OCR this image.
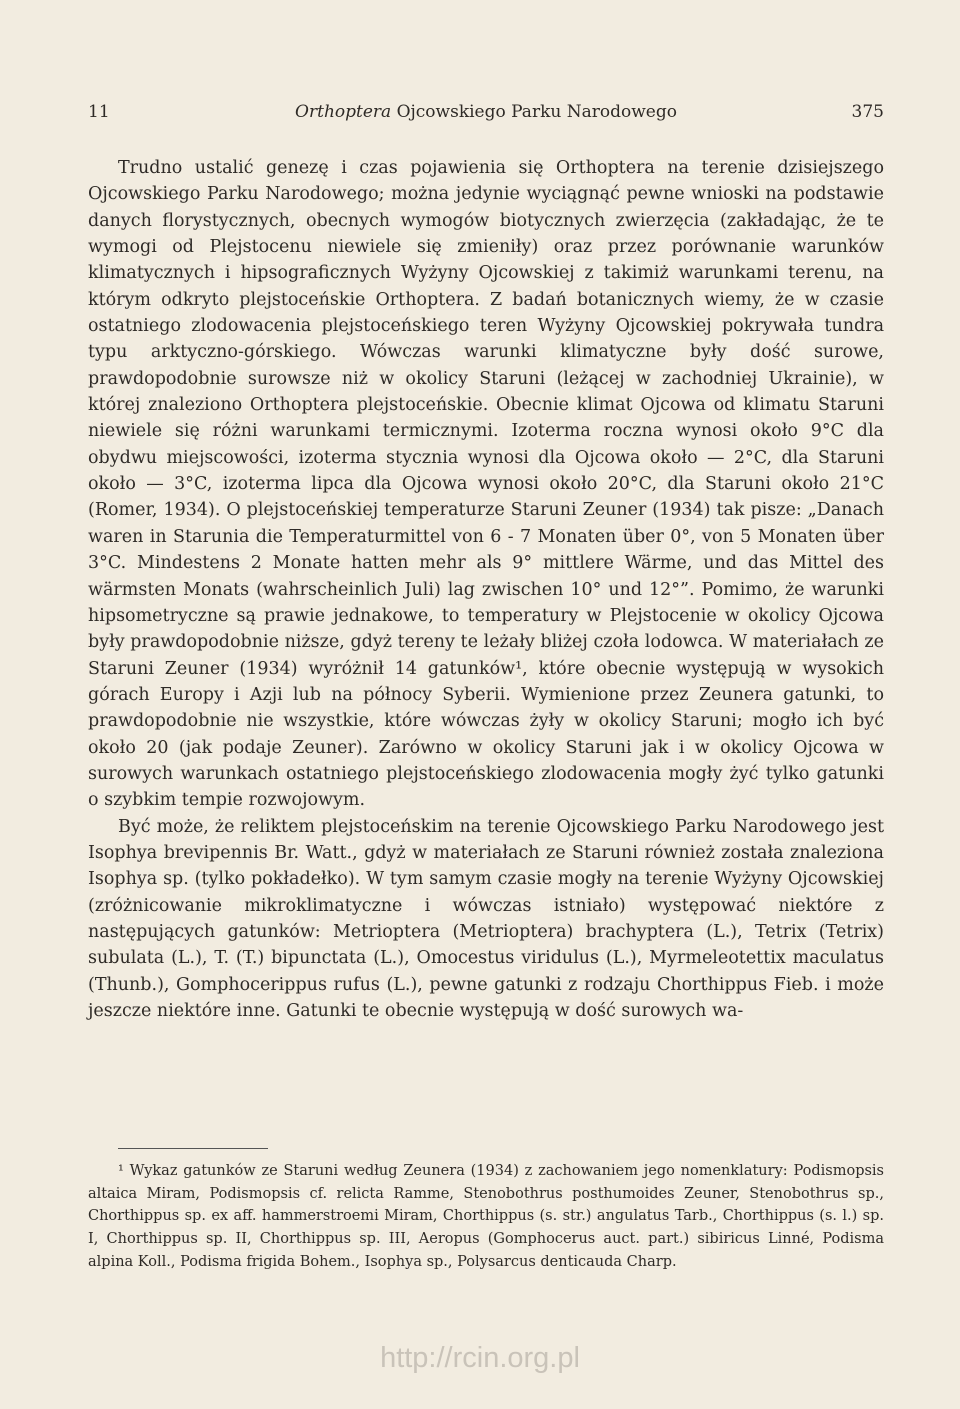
11	Orthoptera Ojcowskiego Parku Narodowego	375

Trudno ustalić genezę i czas pojawienia się Orthoptera na terenie dzisiejszego Ojcowskiego Parku Narodowego; można jedynie wyciągnąć pewne wnioski na podstawie danych florystycznych, obecnych wymogów biotycznych zwierzęcia (zakładając, że te wymogi od Plejstocenu niewiele się zmieniły) oraz przez porównanie warunków klimatycznych i hipsograficznych Wyżyny Ojcowskiej z takimiż warunkami terenu, na którym odkryto plejstoceńskie Orthoptera. Z badań botanicznych wiemy, że w czasie ostatniego zlodowacenia plejstoceńskiego teren Wyżyny Ojcowskiej pokrywała tundra typu arktyczno-górskiego. Wówczas warunki klimatyczne były dość surowe, prawdopodobnie surowsze niż w okolicy Staruni (leżącej w zachodniej Ukrainie), w której znaleziono Orthoptera plejstoceńskie. Obecnie klimat Ojcowa od klimatu Staruni niewiele się różni warunkami termicznymi. Izoterma roczna wynosi około 9°C dla obydwu miejscowości, izoterma stycznia wynosi dla Ojcowa około — 2°C, dla Staruni około — 3°C, izoterma lipca dla Ojcowa wynosi około 20°C, dla Staruni około 21°C (Romer, 1934). O plejstoceńskiej temperaturze Staruni Zeuner (1934) tak pisze: „Danach waren in Starunia die Temperaturmittel von 6 - 7 Monaten über 0°, von 5 Monaten über 3°C. Mindestens 2 Monate hatten mehr als 9° mittlere Wärme, und das Mittel des wärmsten Monats (wahrscheinlich Juli) lag zwischen 10° und 12°”. Pomimo, że warunki hipsometryczne są prawie jednakowe, to temperatury w Plejstocenie w okolicy Ojcowa były prawdopodobnie niższe, gdyż tereny te leżały bliżej czoła lodowca. W materiałach ze Staruni Zeuner (1934) wyróżnił 14 gatunków¹, które obecnie występują w wysokich górach Europy i Azji lub na północy Syberii. Wymienione przez Zeunera gatunki, to prawdopodobnie nie wszystkie, które wówczas żyły w okolicy Staruni; mogło ich być około 20 (jak podaje Zeuner). Zarówno w okolicy Staruni jak i w okolicy Ojcowa w surowych warunkach ostatniego plejstoceńskiego zlodowacenia mogły żyć tylko gatunki o szybkim tempie rozwojowym.

Być może, że reliktem plejstoceńskim na terenie Ojcowskiego Parku Narodowego jest Isophya brevipennis Br. Watt., gdyż w materiałach ze Staruni również została znaleziona Isophya sp. (tylko pokładełko). W tym samym czasie mogły na terenie Wyżyny Ojcowskiej (zróżnicowanie mikroklimatyczne i wówczas istniało) występować niektóre z następujących gatunków: Metrioptera (Metrioptera) brachyptera (L.), Tetrix (Tetrix) subulata (L.), T. (T.) bipunctata (L.), Omocestus viridulus (L.), Myrmeleotettix maculatus (Thunb.), Gomphocerippus rufus (L.), pewne gatunki z rodzaju Chorthippus Fieb. i może jeszcze niektóre inne. Gatunki te obecnie występują w dość surowych wa-

¹ Wykaz gatunków ze Staruni według Zeunera (1934) z zachowaniem jego nomenklatury: Podismopsis altaica Miram, Podismopsis cf. relicta Ramme, Stenobothrus posthumoides Zeuner, Stenobothrus sp., Chorthippus sp. ex aff. hammerstroemi Miram, Chorthippus (s. str.) angulatus Tarb., Chorthippus (s. l.) sp. I, Chorthippus sp. II, Chorthippus sp. III, Aeropus (Gomphocerus auct. part.) sibiricus Linné, Podisma alpina Koll., Podisma frigida Bohem., Isophya sp., Polysarcus denticauda Charp.

http://rcin.org.pl
